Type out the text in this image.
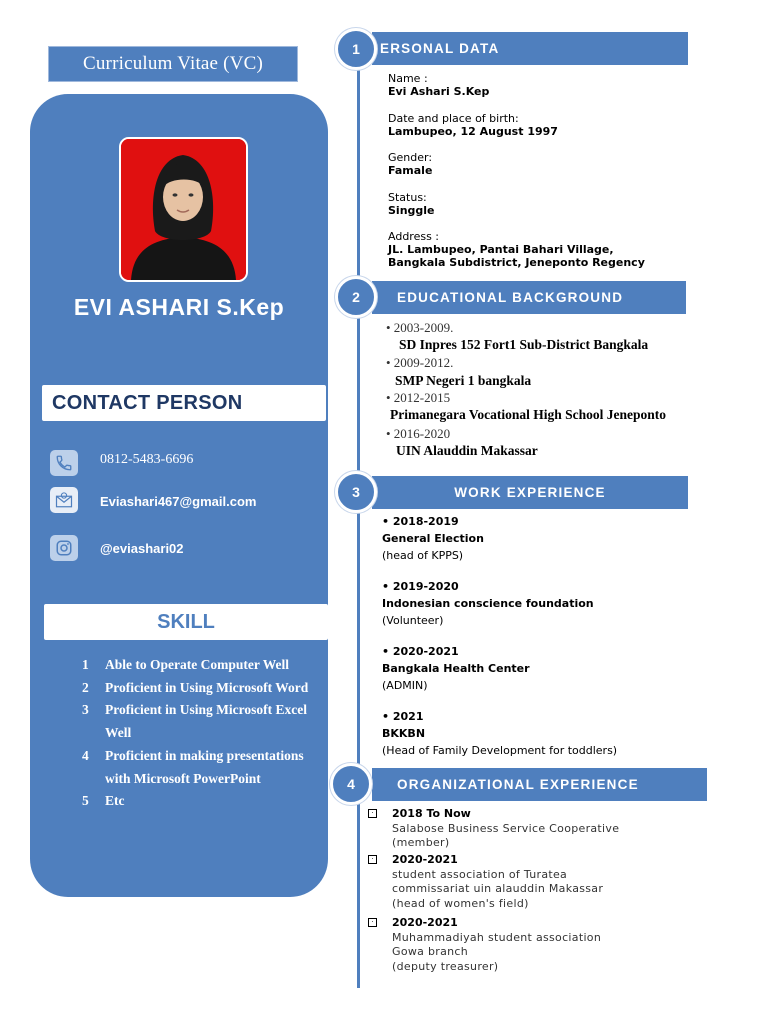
Curriculum Vitae (VC)
EVI ASHARI S.Kep
CONTACT PERSON
0812-5483-6696
Eviashari467@gmail.com
@eviashari02
SKILL
1	Able to Operate Computer Well
2	Proficient in Using Microsoft Word
3	Proficient in Using Microsoft Excel Well
4	Proficient in making presentations with Microsoft PowerPoint
5	Etc
ERSONAL DATA
1
EDUCATIONAL BACKGROUND
2
WORK EXPERIENCE
3
ORGANIZATIONAL EXPERIENCE
4
Name :
Evi Ashari S.Kep
Date and place of birth:
Lambupeo, 12 August 1997
Gender:
Famale
Status:
Singgle
Address :
JL. Lambupeo, Pantai Bahari Village,
Bangkala Subdistrict, Jeneponto Regency
• 2003-2009.
SD Inpres 152 Fort1 Sub-District Bangkala
• 2009-2012.
SMP Negeri 1 bangkala
• 2012-2015
Primanegara Vocational High School Jeneponto
• 2016-2020
UIN Alauddin Makassar
• 2018-2019
General Election
(head of KPPS)
• 2019-2020
Indonesian conscience foundation
(Volunteer)
• 2020-2021
Bangkala Health Center
(ADMIN)
• 2021
BKKBN
(Head of Family Development for toddlers)
·	2018 To Now
Salabose Business Service Cooperative
(member)
·	2020-2021
student association of Turatea
commissariat uin alauddin Makassar
(head of women's field)
·	2020-2021
Muhammadiyah student association
Gowa branch
(deputy treasurer)
